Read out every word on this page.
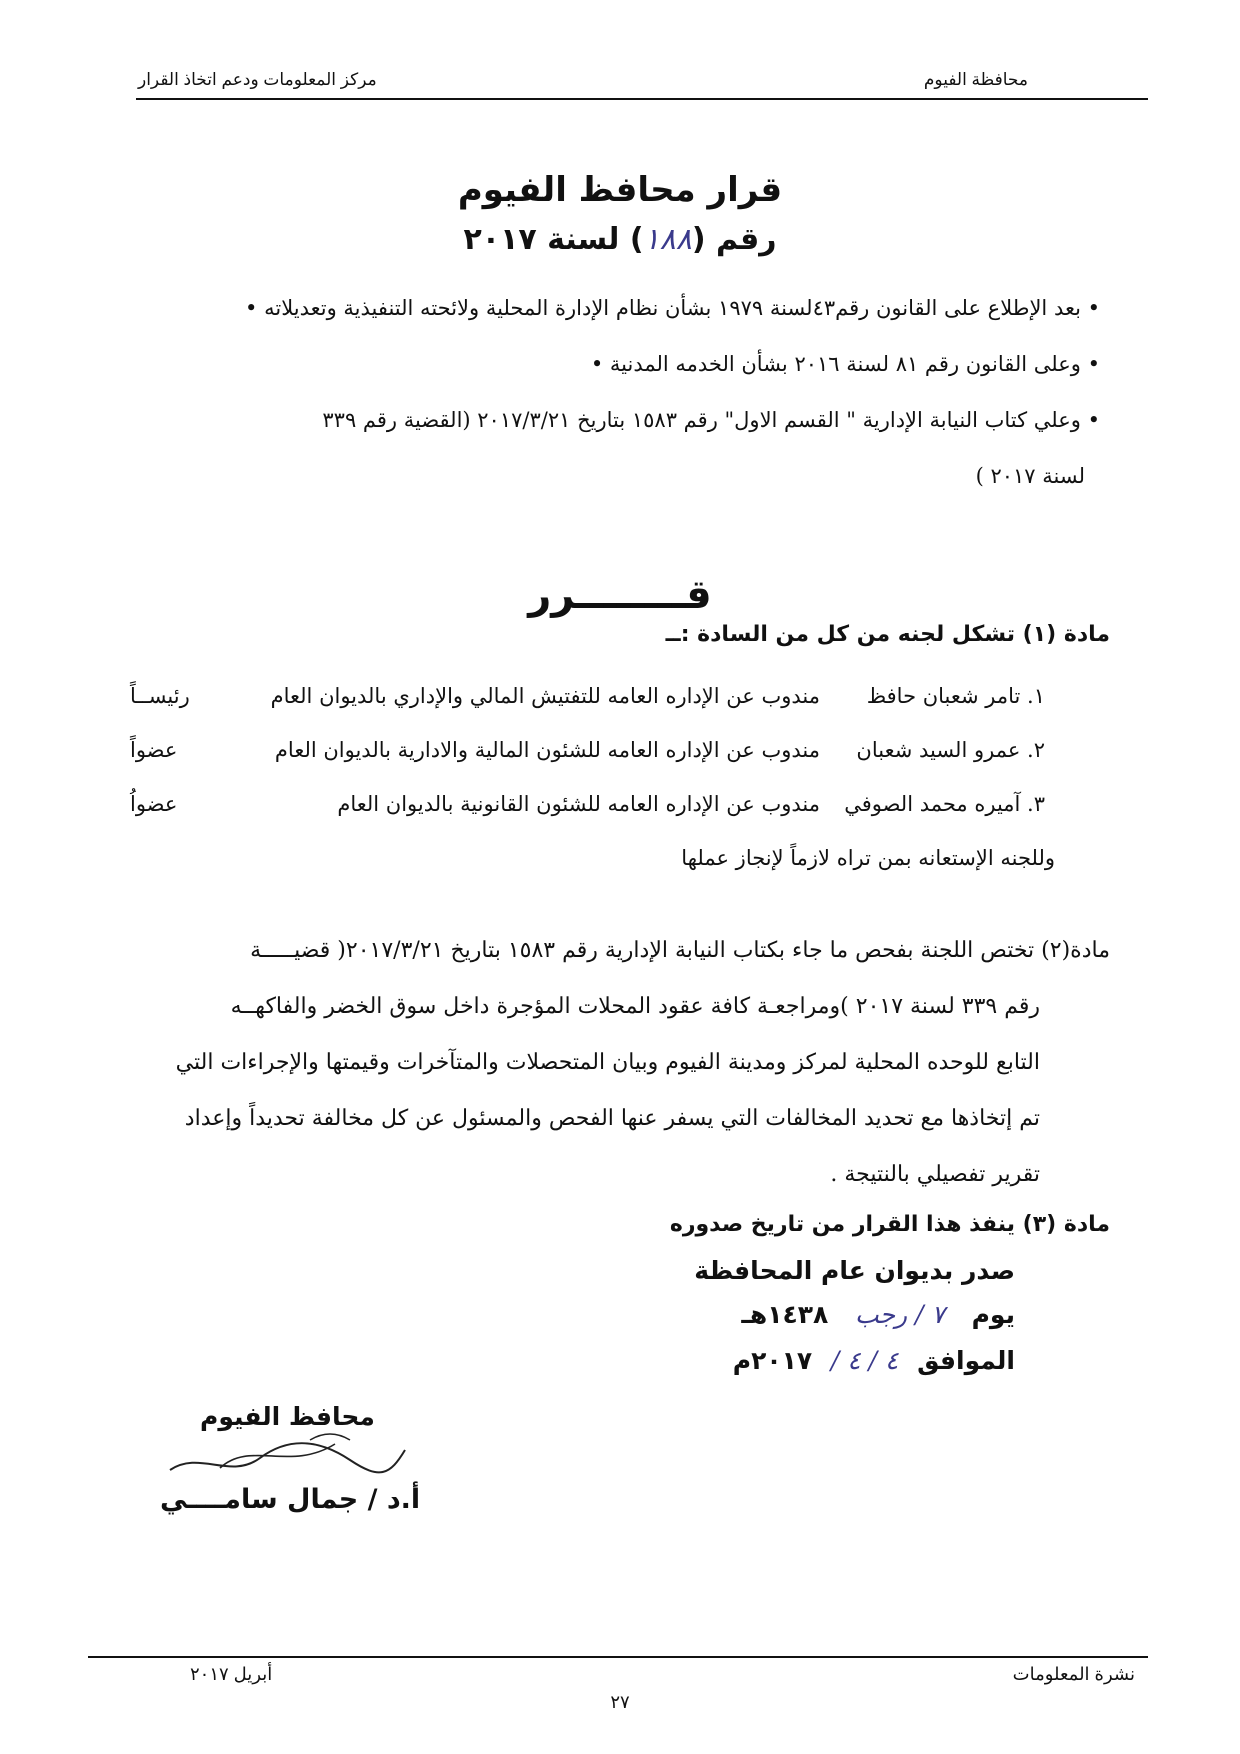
محافظة الفيوم
مركز المعلومات ودعم اتخاذ القرار
قرار محافظ الفيوم
رقم (١٨٨) لسنة ٢٠١٧
• بعد الإطلاع على القانون رقم٤٣لسنة ١٩٧٩ بشأن نظام الإدارة المحلية ولائحته التنفيذية وتعديلاته •
• وعلى القانون رقم ٨١ لسنة ٢٠١٦ بشأن الخدمه المدنية •
• وعلي كتاب النيابة الإدارية " القسم الاول" رقم ١٥٨٣ بتاريخ ٢٠١٧/٣/٢١ (القضية رقم ٣٣٩
لسنة ٢٠١٧ )
قــــــــرر
مادة (١) تشكل لجنه من كل من السادة :ــ
١. تامر شعبان حافظ
مندوب عن الإداره العامه للتفتيش المالي والإداري بالديوان العام
رئيســاً
٢. عمرو السيد شعبان
مندوب عن الإداره العامه للشئون المالية والادارية بالديوان العام
عضواً
٣. آميره محمد الصوفي
مندوب عن الإداره العامه للشئون القانونية بالديوان العام
عضواُ
وللجنه الإستعانه بمن تراه لازماً لإنجاز عملها
مادة(٢) تختص اللجنة بفحص ما جاء بكتاب النيابة الإدارية رقم ١٥٨٣ بتاريخ ٢٠١٧/٣/٢١( قضيـــــة
رقم ٣٣٩ لسنة ٢٠١٧ )ومراجعـة كافة عقود المحلات المؤجرة داخل سوق الخضر والفاكهــه
التابع للوحده المحلية لمركز ومدينة الفيوم وبيان المتحصلات والمتآخرات وقيمتها والإجراءات التي
تم إتخاذها مع تحديد المخالفات التي يسفر عنها الفحص والمسئول عن كل مخالفة تحديداً وإعداد
تقرير تفصيلي بالنتيجة .
مادة (٣) ينفذ هذا القرار من تاريخ صدوره
صدر بديوان عام المحافظة
يوم ٧ / رجب ١٤٣٨هـ
الموافق ٤ / ٤ / ٢٠١٧م
محافظ الفيوم
أ.د / جمال سامــــي
نشرة المعلومات
أبريل ٢٠١٧
٢٧
